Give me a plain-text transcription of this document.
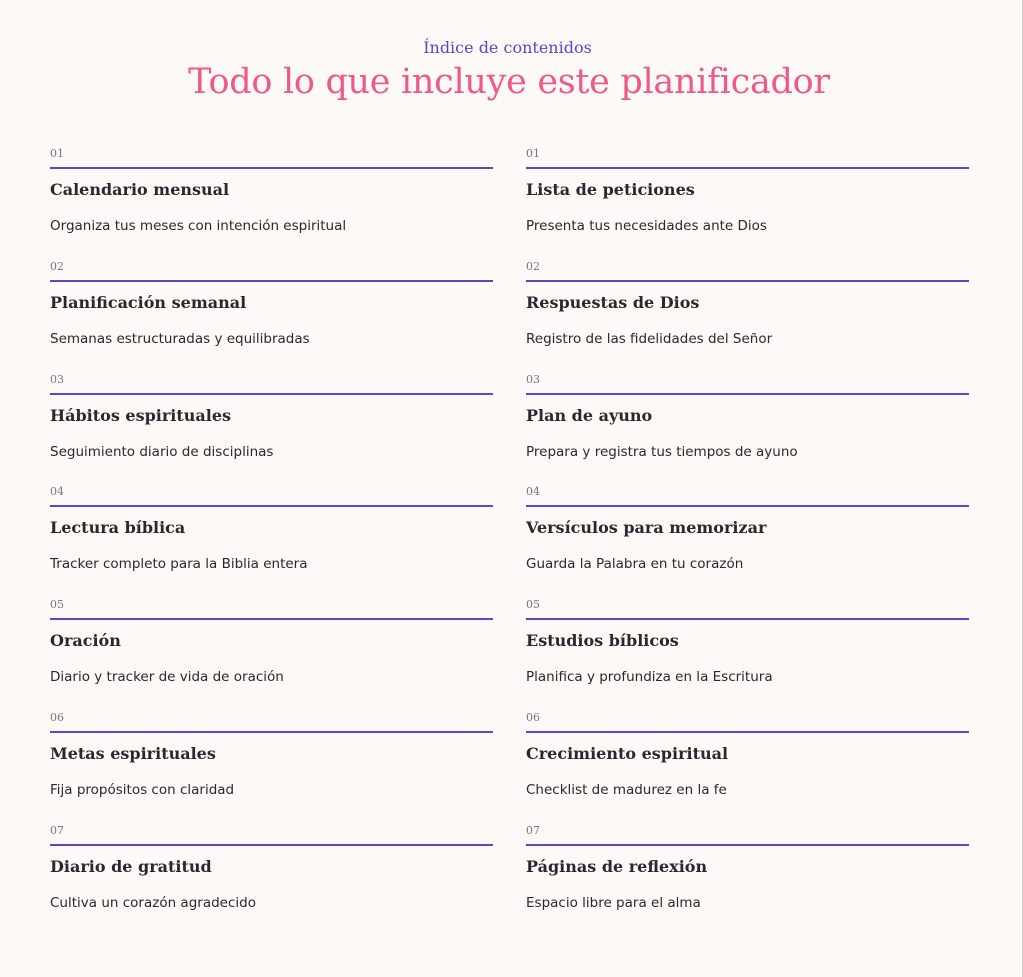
Índice de contenidos
Todo lo que incluye este planificador
01
Calendario mensual
Organiza tus meses con intención espiritual
02
Planificación semanal
Semanas estructuradas y equilibradas
03
Hábitos espirituales
Seguimiento diario de disciplinas
04
Lectura bíblica
Tracker completo para la Biblia entera
05
Oración
Diario y tracker de vida de oración
06
Metas espirituales
Fija propósitos con claridad
07
Diario de gratitud
Cultiva un corazón agradecido
01
Lista de peticiones
Presenta tus necesidades ante Dios
02
Respuestas de Dios
Registro de las fidelidades del Señor
03
Plan de ayuno
Prepara y registra tus tiempos de ayuno
04
Versículos para memorizar
Guarda la Palabra en tu corazón
05
Estudios bíblicos
Planifica y profundiza en la Escritura
06
Crecimiento espiritual
Checklist de madurez en la fe
07
Páginas de reflexión
Espacio libre para el alma
